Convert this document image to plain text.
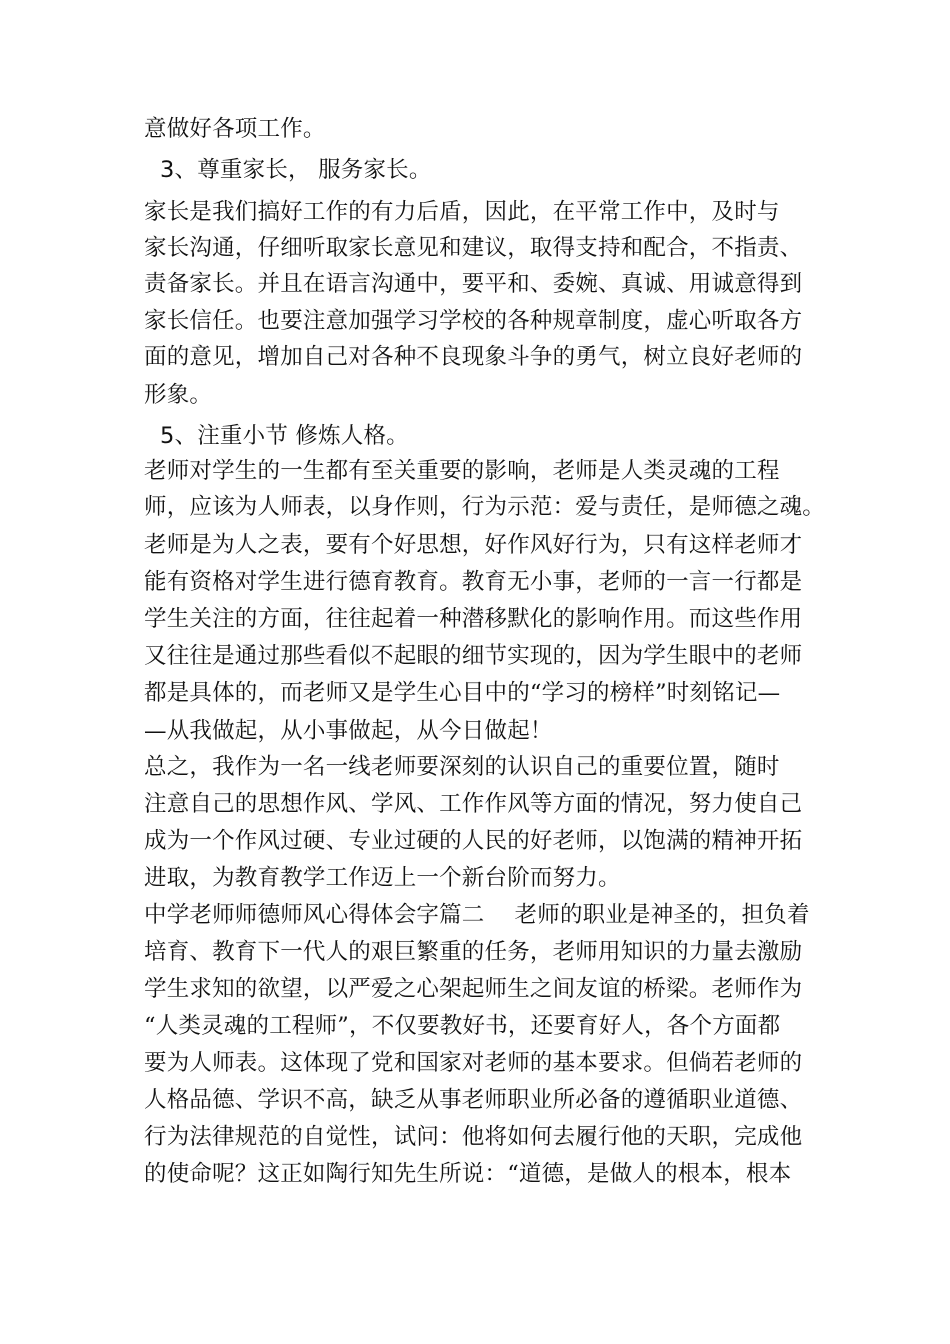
意做好各项工作。
3、尊重家长， 服务家长。
家长是我们搞好工作的有力后盾，因此，在平常工作中，及时与
家长沟通，仔细听取家长意见和建议，取得支持和配合，不指责、
责备家长。并且在语言沟通中，要平和、委婉、真诚、用诚意得到
家长信任。也要注意加强学习学校的各种规章制度，虚心听取各方
面的意见，增加自己对各种不良现象斗争的勇气，树立良好老师的
形象。
5、注重小节 修炼人格。
老师对学生的一生都有至关重要的影响，老师是人类灵魂的工程
师，应该为人师表，以身作则，行为示范：爱与责任，是师德之魂。
老师是为人之表，要有个好思想，好作风好行为，只有这样老师才
能有资格对学生进行德育教育。教育无小事，老师的一言一行都是
学生关注的方面，往往起着一种潜移默化的影响作用。而这些作用
又往往是通过那些看似不起眼的细节实现的，因为学生眼中的老师
都是具体的，而老师又是学生心目中的“学习的榜样”时刻铭记—
—从我做起，从小事做起，从今日做起！
总之，我作为一名一线老师要深刻的认识自己的重要位置，随时
注意自己的思想作风、学风、工作作风等方面的情况，努力使自己
成为一个作风过硬、专业过硬的人民的好老师，以饱满的精神开拓
进取，为教育教学工作迈上一个新台阶而努力。
中学老师师德师风心得体会字篇二　 老师的职业是神圣的，担负着
培育、教育下一代人的艰巨繁重的任务，老师用知识的力量去激励
学生求知的欲望，以严爱之心架起师生之间友谊的桥梁。老师作为
“人类灵魂的工程师”，不仅要教好书，还要育好人，各个方面都
要为人师表。这体现了党和国家对老师的基本要求。但倘若老师的
人格品德、学识不高，缺乏从事老师职业所必备的遵循职业道德、
行为法律规范的自觉性，试问：他将如何去履行他的天职，完成他
的使命呢？这正如陶行知先生所说：“道德，是做人的根本，根本
